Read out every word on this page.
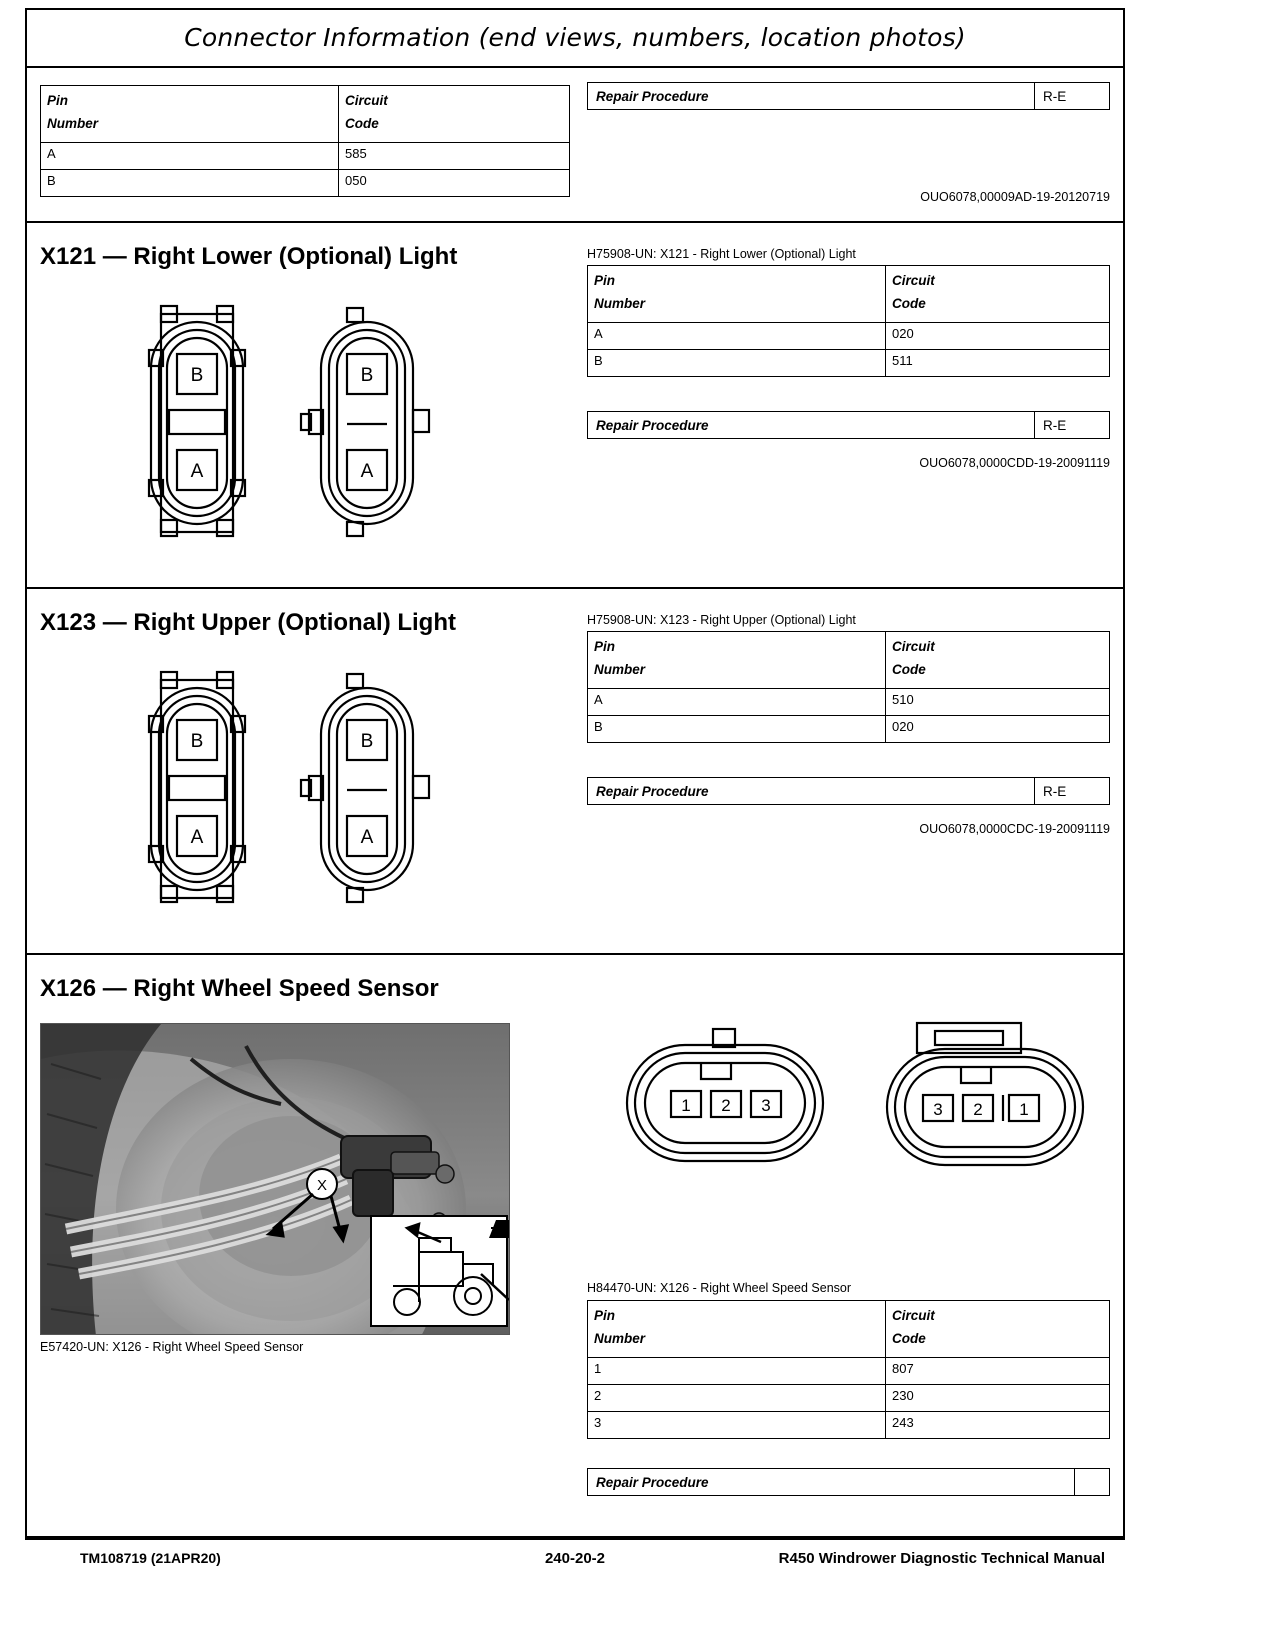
Connector Information (end views, numbers, location photos)
Pin
Number	Circuit
Code
A	585
B	050
Repair Procedure	R-E
OUO6078,00009AD-19-20120719
X121 — Right Lower (Optional) Light	H75908-UN: X121 - Right Lower (Optional) Light
B
A
B
A
Pin
Number	Circuit
Code
A	020
B	511
Repair Procedure	R-E
OUO6078,0000CDD-19-20091119
X123 — Right Upper (Optional) Light	H75908-UN: X123 - Right Upper (Optional) Light
B
A
B
A
Pin
Number	Circuit
Code
A	510
B	020
Repair Procedure	R-E
OUO6078,0000CDC-19-20091119
X126 — Right Wheel Speed Sensor
X
E57420-UN: X126 - Right Wheel Speed Sensor
1 2 3	3 2 1
H84470-UN: X126 - Right Wheel Speed Sensor
Pin
Number	Circuit
Code
1	807
2	230
3	243
Repair Procedure	
TM108719 (21APR20)	240-20-2	R450 Windrower Diagnostic Technical Manual
